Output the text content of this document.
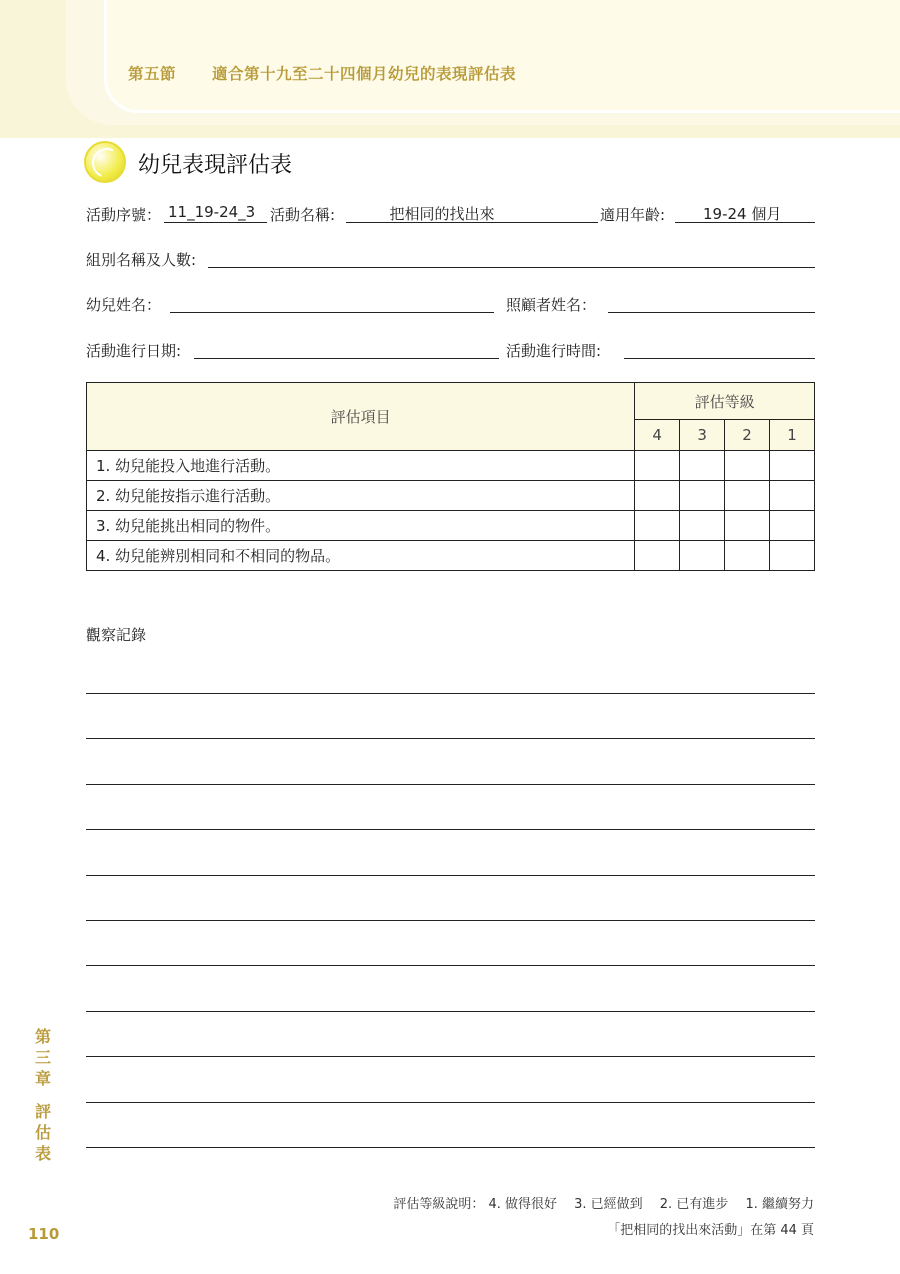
第五節 適合第十九至二十四個月幼兒的表現評估表
幼兒表現評估表
活動序號： 11_19-24_3 活動名稱:	把相同的找出來	適用年齡:	19-24 個月
組別名稱及人數:
幼兒姓名：	照顧者姓名：
活動進行日期:	活動進行時間:
評估項目	評估等級			
	4	3	2	1
1. 幼兒能投入地進行活動。				
2. 幼兒能按指示進行活動。				
3. 幼兒能挑出相同的物件。				
4. 幼兒能辨別相同和不相同的物品。				
觀察記錄
第
三
章
評
估
表
110
評估等級說明： 4. 做得很好　 3. 已經做到　 2. 已有進步　 1. 繼續努力
「把相同的找出來活動」在第 44 頁
